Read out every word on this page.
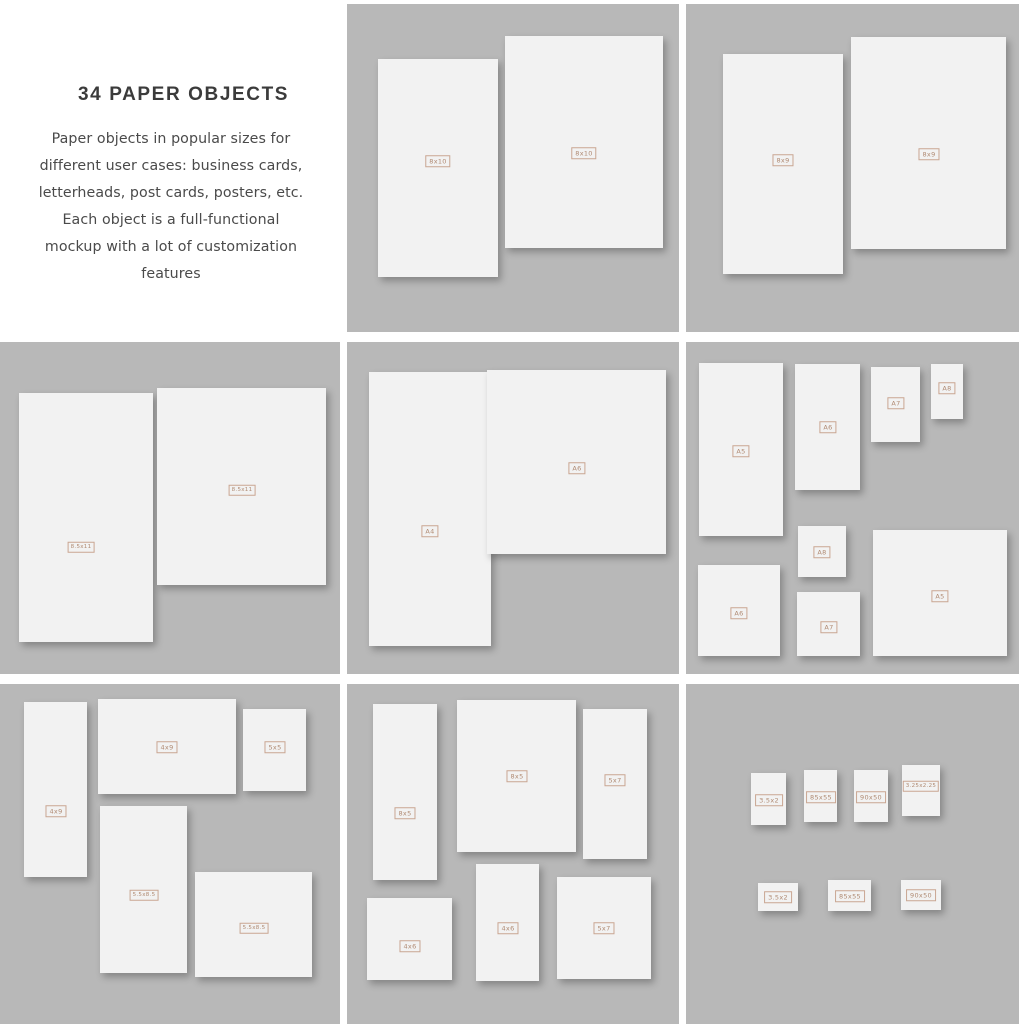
34 PAPER OBJECTS
Paper objects in popular sizes for different user cases: business cards, letterheads, post cards, posters, etc. Each object is a full-functional mockup with a lot of customization features
8x10
8x10
8x9
8x9
8.5x11
8.5x11
A4
A6
A5
A6
A7
A8
A8
A5
A6
A7
4x9
4x9	5x5
5.5x8.5
5.5x8.5
8x5
8x5	5x7
4x6
4x6	5x7
3.5x2	85x55	90x50
3.25x2.25
3.5x2	85x55	90x50
